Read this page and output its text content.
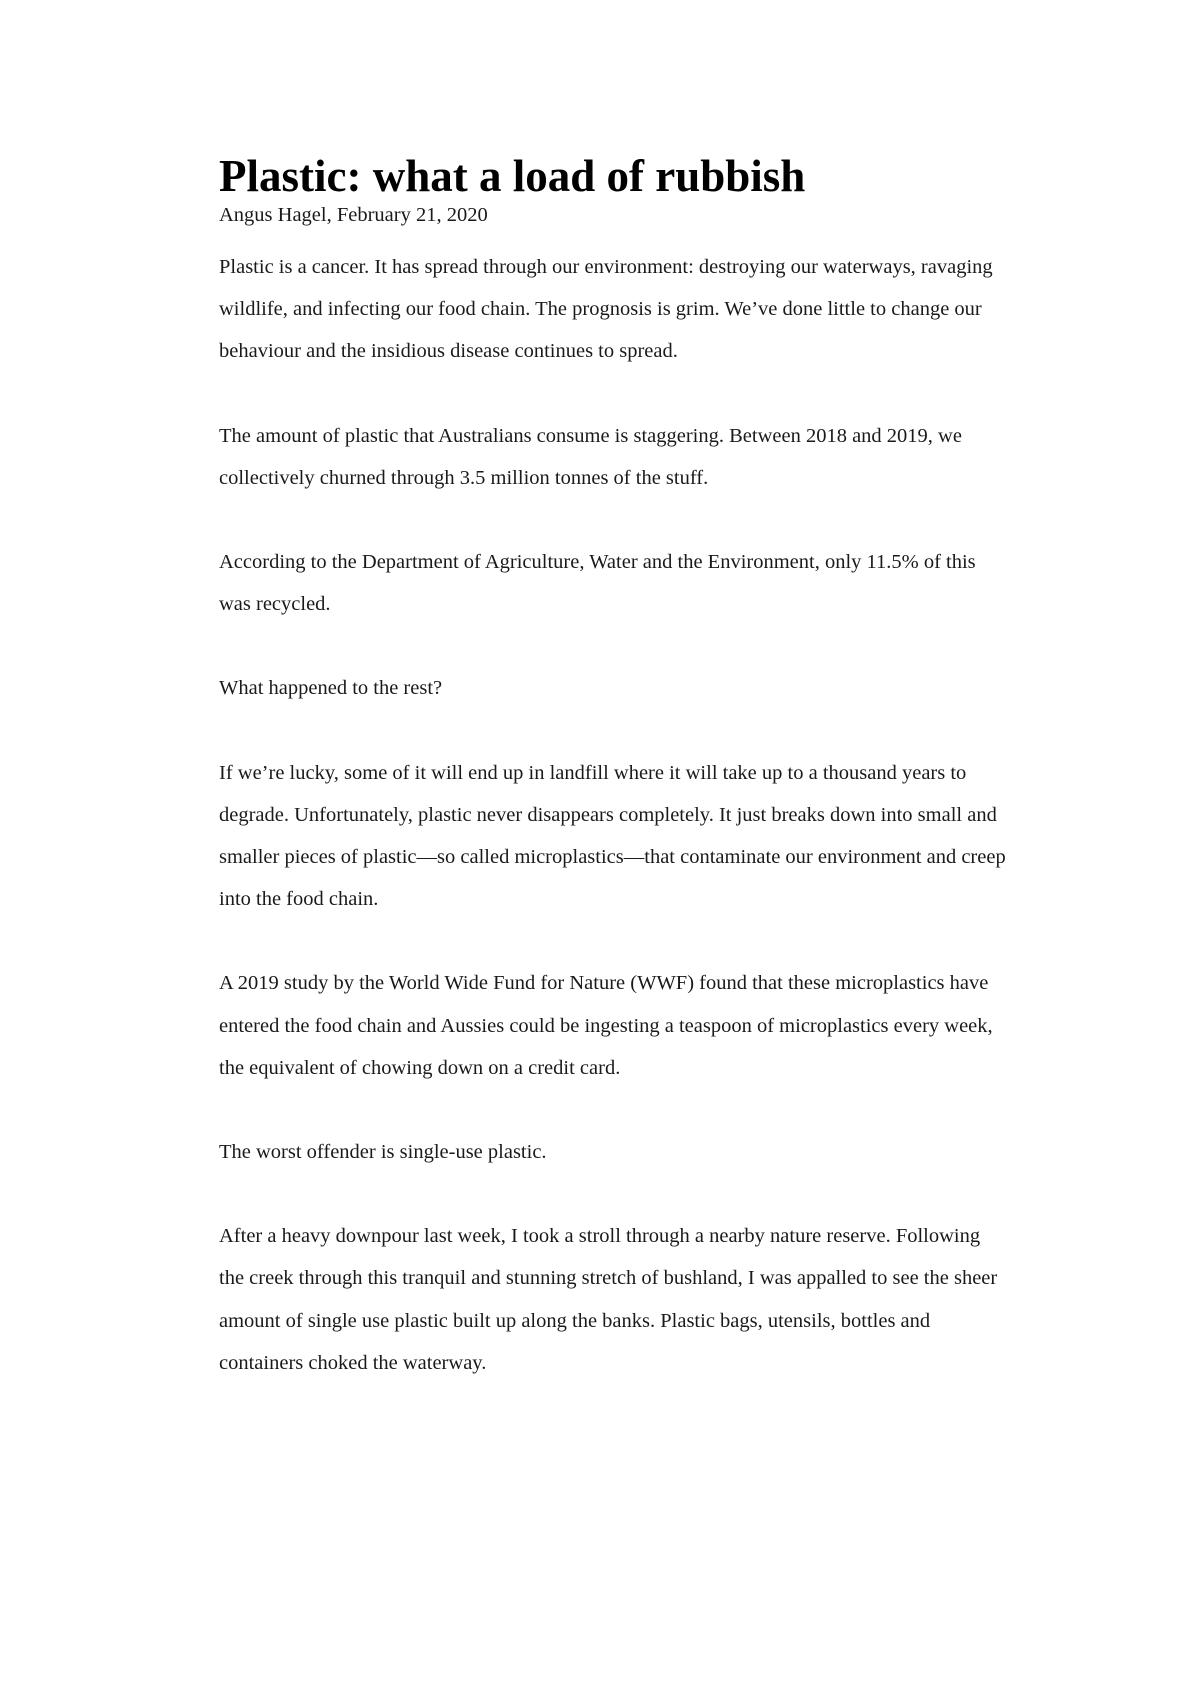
Plastic: what a load of rubbish

Angus Hagel, February 21, 2020

Plastic is a cancer. It has spread through our environment: destroying our waterways, ravaging wildlife, and infecting our food chain. The prognosis is grim. We’ve done little to change our behaviour and the insidious disease continues to spread.

The amount of plastic that Australians consume is staggering. Between 2018 and 2019, we collectively churned through 3.5 million tonnes of the stuff.

According to the Department of Agriculture, Water and the Environment, only 11.5% of this was recycled.

What happened to the rest?

If we’re lucky, some of it will end up in landfill where it will take up to a thousand years to degrade. Unfortunately, plastic never disappears completely. It just breaks down into small and smaller pieces of plastic—so called microplastics—that contaminate our environment and creep into the food chain.

A 2019 study by the World Wide Fund for Nature (WWF) found that these microplastics have entered the food chain and Aussies could be ingesting a teaspoon of microplastics every week, the equivalent of chowing down on a credit card.

The worst offender is single-use plastic.

After a heavy downpour last week, I took a stroll through a nearby nature reserve. Following the creek through this tranquil and stunning stretch of bushland, I was appalled to see the sheer amount of single use plastic built up along the banks. Plastic bags, utensils, bottles and containers choked the waterway.
